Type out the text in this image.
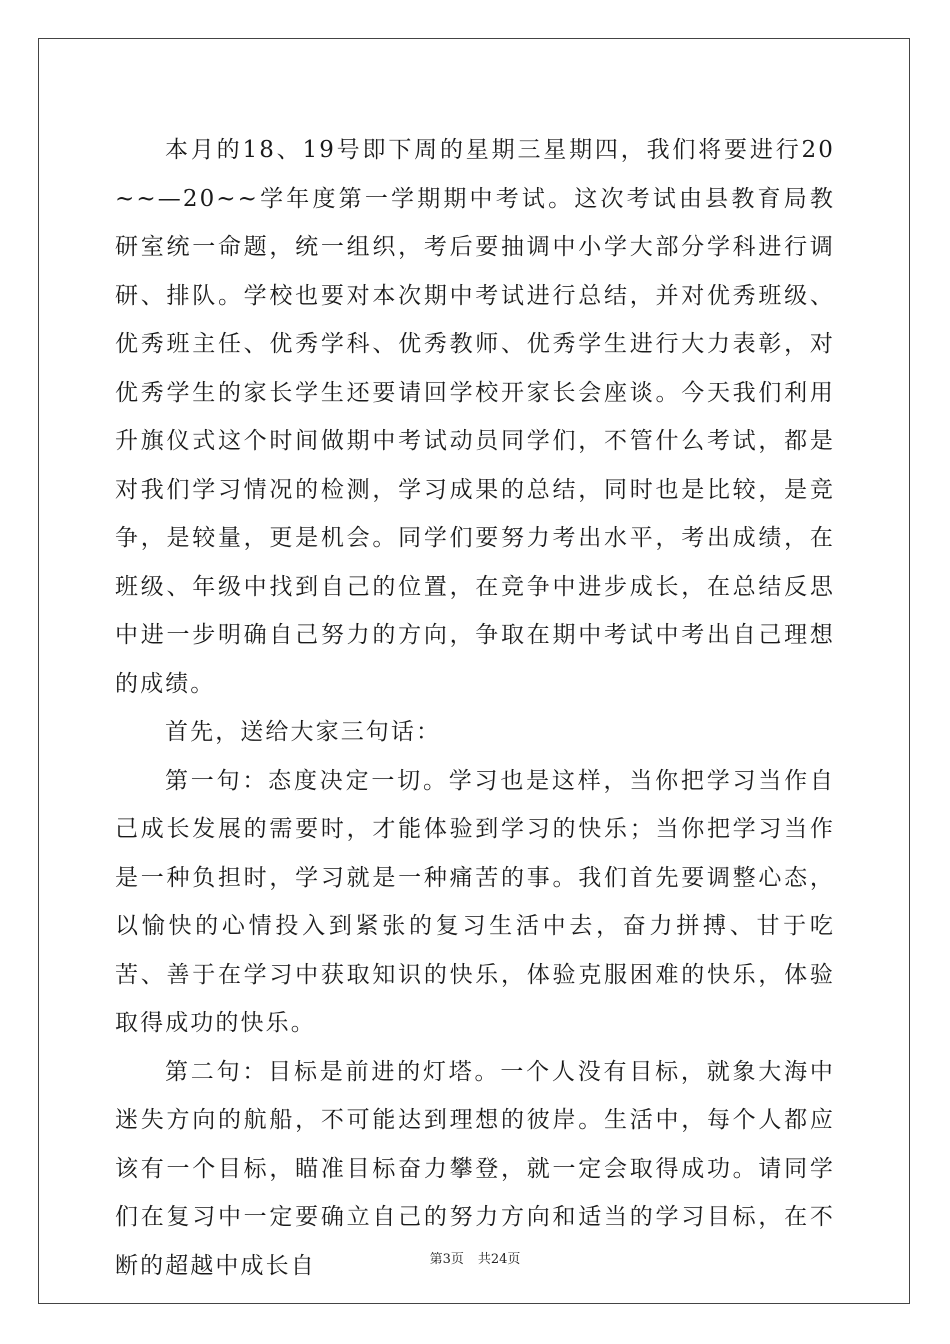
本月的18、19号即下周的星期三星期四，我们将要进行20~~—20~~学年度第一学期期中考试。这次考试由县教育局教研室统一命题，统一组织，考后要抽调中小学大部分学科进行调研、排队。学校也要对本次期中考试进行总结，并对优秀班级、优秀班主任、优秀学科、优秀教师、优秀学生进行大力表彰，对优秀学生的家长学生还要请回学校开家长会座谈。今天我们利用升旗仪式这个时间做期中考试动员同学们，不管什么考试，都是对我们学习情况的检测，学习成果的总结，同时也是比较，是竞争，是较量，更是机会。同学们要努力考出水平，考出成绩，在班级、年级中找到自己的位置，在竞争中进步成长，在总结反思中进一步明确自己努力的方向，争取在期中考试中考出自己理想的成绩。

首先，送给大家三句话：

第一句：态度决定一切。学习也是这样，当你把学习当作自己成长发展的需要时，才能体验到学习的快乐；当你把学习当作是一种负担时，学习就是一种痛苦的事。我们首先要调整心态，以愉快的心情投入到紧张的复习生活中去，奋力拼搏、甘于吃苦、善于在学习中获取知识的快乐，体验克服困难的快乐，体验取得成功的快乐。

第二句：目标是前进的灯塔。一个人没有目标，就象大海中迷失方向的航船，不可能达到理想的彼岸。生活中，每个人都应该有一个目标，瞄准目标奋力攀登，就一定会取得成功。请同学们在复习中一定要确立自己的努力方向和适当的学习目标，在不断的超越中成长自	第3页 共24页
